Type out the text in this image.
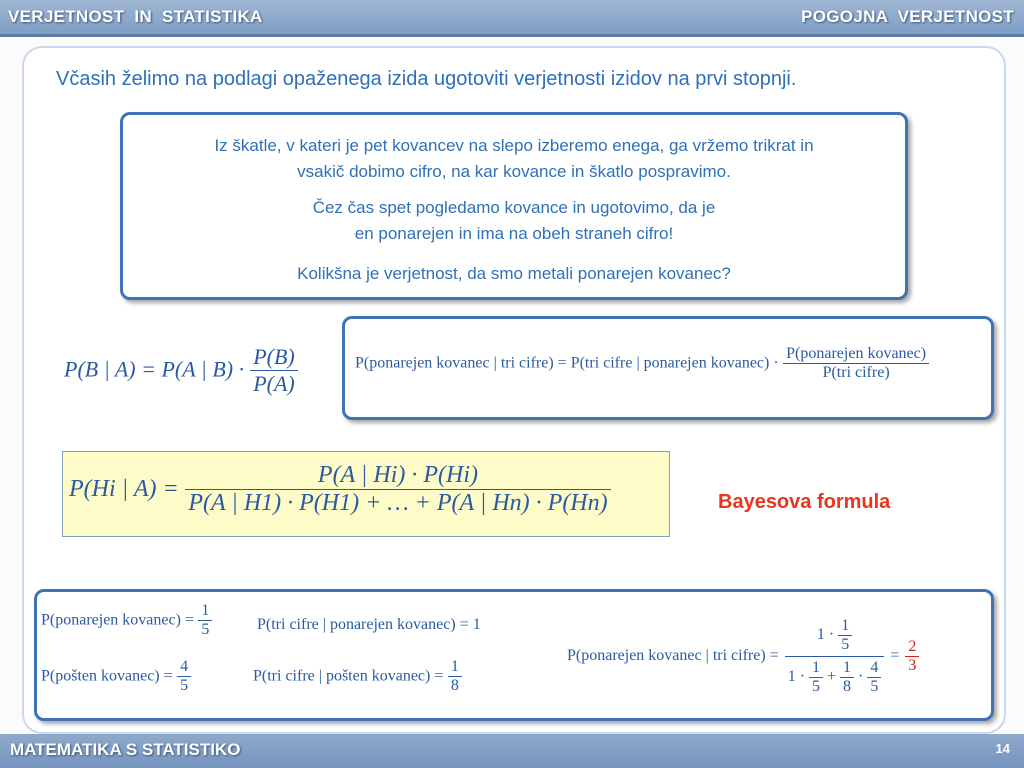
VERJETNOST  IN  STATISTIKA	POGOJNA  VERJETNOST
Včasih želimo na podlagi opaženega izida ugotoviti verjetnosti izidov na prvi stopnji.

Iz škatle, v kateri je pet kovancev na slepo izberemo enega, ga vržemo trikrat in

vsakič dobimo cifro, na kar kovance in škatlo pospravimo.

Čez čas spet pogledamo kovance in ugotovimo, da je

en ponarejen in ima na obeh straneh cifro!

Kolikšna je verjetnost, da smo metali ponarejen kovanec?

P(B | A) = P(A | $B) \cdot \frac{P(B)}{P(A)}$	P(ponarejen kovanec | tri cifre) = P(tri cifre | ponarejen kovanec) · $\frac{\text{P(ponarejen kovanec)}}{\text{P(tri cifre)}}$
P(Hi | $A) = \frac{P(A | Hi) \cdot P(Hi)}{P(A | H1) \cdot P(H1) + \dots + P(A | Hn) \cdot P(Hn)}$	Bayesova formula
P(ponarejen kovanec) = $\frac{1}{5}$	P(tri cifre | ponarejen kovanec) = 1
P(pošten kovanec) = $\frac{4}{5}$	P(tri cifre | pošten kovanec) = $\frac{1}{8}$
P(ponarejen kovanec | tri cifre) = $\frac{1 \cdot \frac{1}{5}}{1 \cdot \frac{1}{5} + \frac{1}{8} \cdot \frac{4}{5}} = \frac{2}{3}$
MATEMATIKA S STATISTIKO	14
